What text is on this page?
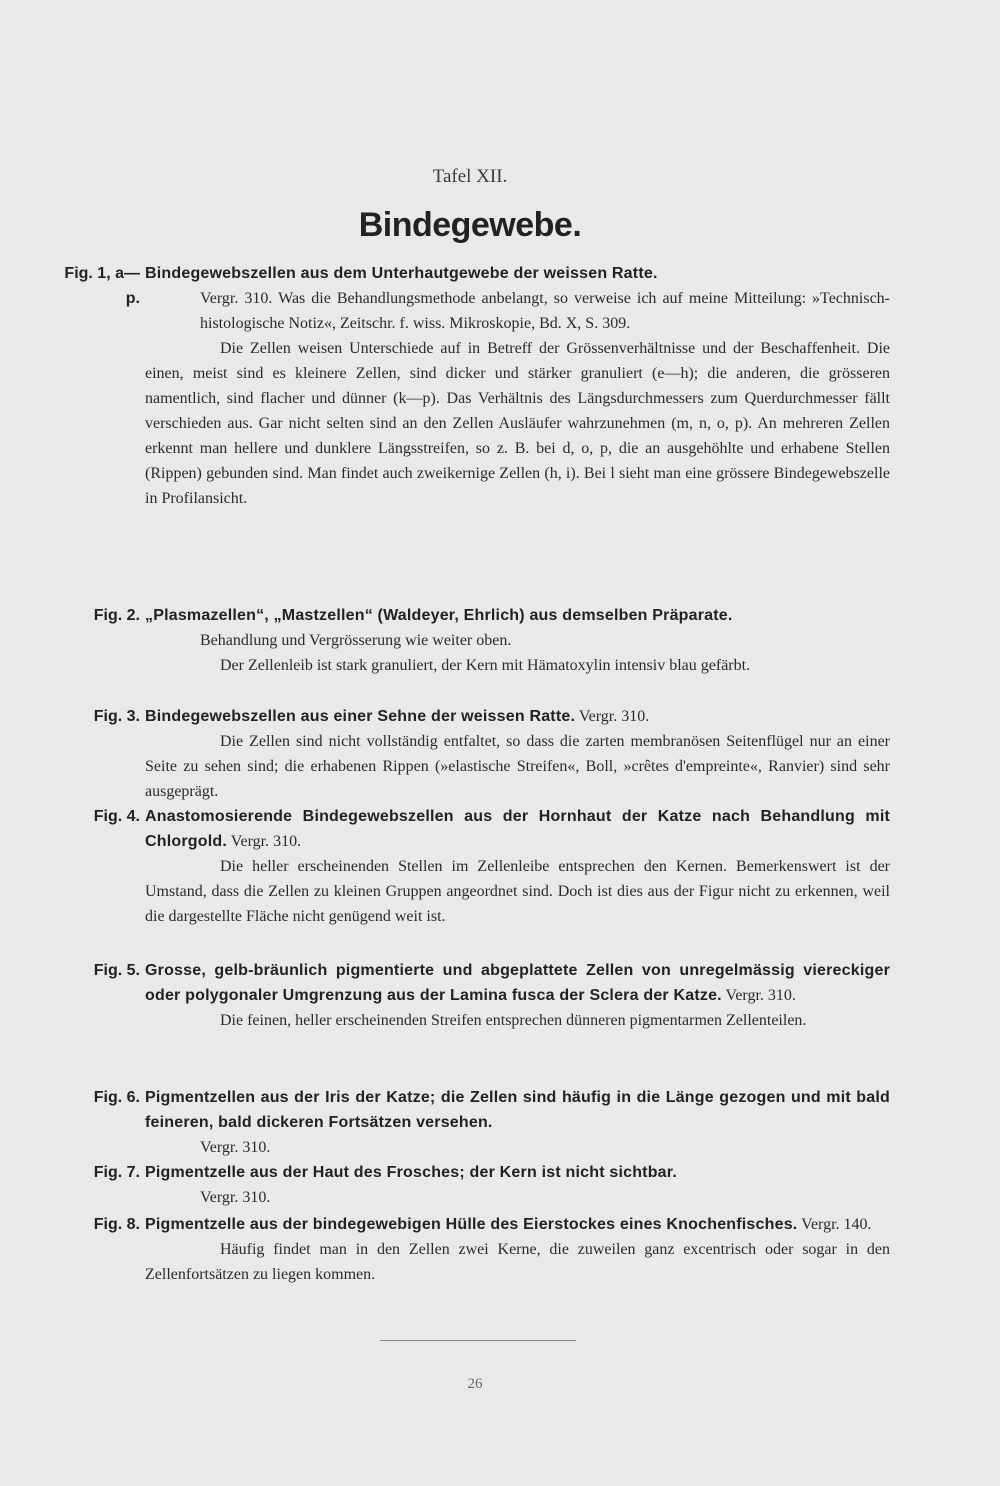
Tafel XII.
Bindegewebe.
Fig. 1, a—p.
Bindegewebszellen aus dem Unterhautgewebe der weissen Ratte.
Vergr. 310. Was die Behandlungsmethode anbelangt, so verweise ich auf meine Mitteilung: »Technisch-histologische Notiz«, Zeitschr. f. wiss. Mikroskopie, Bd. X, S. 309.
Die Zellen weisen Unterschiede auf in Betreff der Grössenverhältnisse und der Beschaffenheit. Die einen, meist sind es kleinere Zellen, sind dicker und stärker granuliert (e—h); die anderen, die grösseren namentlich, sind flacher und dünner (k—p). Das Verhältnis des Längsdurchmessers zum Querdurchmesser fällt verschieden aus. Gar nicht selten sind an den Zellen Ausläufer wahrzunehmen (m, n, o, p). An mehreren Zellen erkennt man hellere und dunklere Längsstreifen, so z. B. bei d, o, p, die an ausgehöhlte und erhabene Stellen (Rippen) gebunden sind. Man findet auch zweikernige Zellen (h, i). Bei l sieht man eine grössere Bindegewebszelle in Profilansicht.
Fig. 2. „Plasmazellen“, „Mastzellen“ (Waldeyer, Ehrlich) aus demselben Präparate.
Behandlung und Vergrösserung wie weiter oben.
Der Zellenleib ist stark granuliert, der Kern mit Hämatoxylin intensiv blau gefärbt.
Fig. 3. Bindegewebszellen aus einer Sehne der weissen Ratte. Vergr. 310.
Die Zellen sind nicht vollständig entfaltet, so dass die zarten membranösen Seitenflügel nur an einer Seite zu sehen sind; die erhabenen Rippen (»elastische Streifen«, Boll, »crêtes d'empreinte«, Ranvier) sind sehr ausgeprägt.
Fig. 4. Anastomosierende Bindegewebszellen aus der Hornhaut der Katze nach Behandlung mit Chlorgold. Vergr. 310.
Die heller erscheinenden Stellen im Zellenleibe entsprechen den Kernen. Bemerkenswert ist der Umstand, dass die Zellen zu kleinen Gruppen angeordnet sind. Doch ist dies aus der Figur nicht zu erkennen, weil die dargestellte Fläche nicht genügend weit ist.
Fig. 5. Grosse, gelb-bräunlich pigmentierte und abgeplattete Zellen von unregelmässig viereckiger oder polygonaler Umgrenzung aus der Lamina fusca der Sclera der Katze. Vergr. 310.
Die feinen, heller erscheinenden Streifen entsprechen dünneren pigmentarmen Zellenteilen.
Fig. 6. Pigmentzellen aus der Iris der Katze; die Zellen sind häufig in die Länge gezogen und mit bald feineren, bald dickeren Fortsätzen versehen.
Vergr. 310.
Fig. 7. Pigmentzelle aus der Haut des Frosches; der Kern ist nicht sichtbar.
Vergr. 310.
Fig. 8. Pigmentzelle aus der bindegewebigen Hülle des Eierstockes eines Knochenfisches. Vergr. 140.
Häufig findet man in den Zellen zwei Kerne, die zuweilen ganz excentrisch oder sogar in den Zellenfortsätzen zu liegen kommen.
26
